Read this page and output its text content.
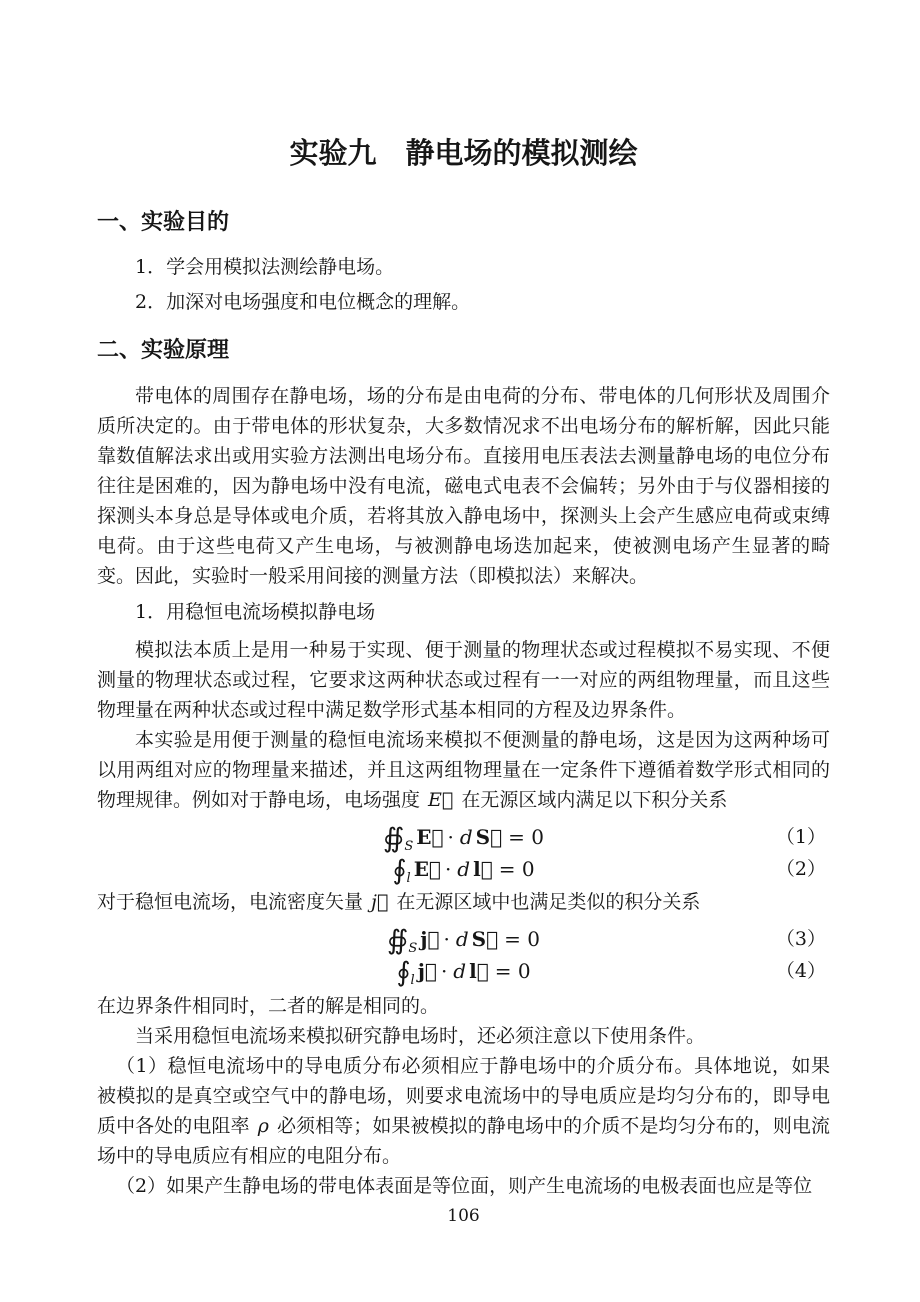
实验九　静电场的模拟测绘
一、实验目的
1．学会用模拟法测绘静电场。
2．加深对电场强度和电位概念的理解。
二、实验原理

带电体的周围存在静电场，场的分布是由电荷的分布、带电体的几何形状及周围介质所决定的。由于带电体的形状复杂，大多数情况求不出电场分布的解析解，因此只能靠数值解法求出或用实验方法测出电场分布。直接用电压表法去测量静电场的电位分布往往是困难的，因为静电场中没有电流，磁电式电表不会偏转；另外由于与仪器相接的探测头本身总是导体或电介质，若将其放入静电场中，探测头上会产生感应电荷或束缚电荷。由于这些电荷又产生电场，与被测静电场迭加起来，使被测电场产生显著的畸变。因此，实验时一般采用间接的测量方法（即模拟法）来解决。

1．用稳恒电流场模拟静电场

模拟法本质上是用一种易于实现、便于测量的物理状态或过程模拟不易实现、不便测量的物理状态或过程，它要求这两种状态或过程有一一对应的两组物理量，而且这些物理量在两种状态或过程中满足数学形式基本相同的方程及边界条件。

本实验是用便于测量的稳恒电流场来模拟不便测量的静电场，这是因为这两种场可以用两组对应的物理量来描述，并且这两组物理量在一定条件下遵循着数学形式相同的物理规律。例如对于静电场，电场强度 E⃗ 在无源区域内满足以下积分关系

$∯_S$ E⃗ · d S⃗ = 0	（1）
$∮_l$ E⃗ · d l⃗ = 0	（2）

对于稳恒电流场，电流密度矢量 j⃗ 在无源区域中也满足类似的积分关系

$∯_S$ j⃗ · d S⃗ = 0	（3）
$∮_l$ j⃗ · d l⃗ = 0	（4）

在边界条件相同时，二者的解是相同的。

当采用稳恒电流场来模拟研究静电场时，还必须注意以下使用条件。

（1）稳恒电流场中的导电质分布必须相应于静电场中的介质分布。具体地说，如果被模拟的是真空或空气中的静电场，则要求电流场中的导电质应是均匀分布的，即导电质中各处的电阻率 ρ 必须相等；如果被模拟的静电场中的介质不是均匀分布的，则电流场中的导电质应有相应的电阻分布。

（2）如果产生静电场的带电体表面是等位面，则产生电流场的电极表面也应是等位

106
